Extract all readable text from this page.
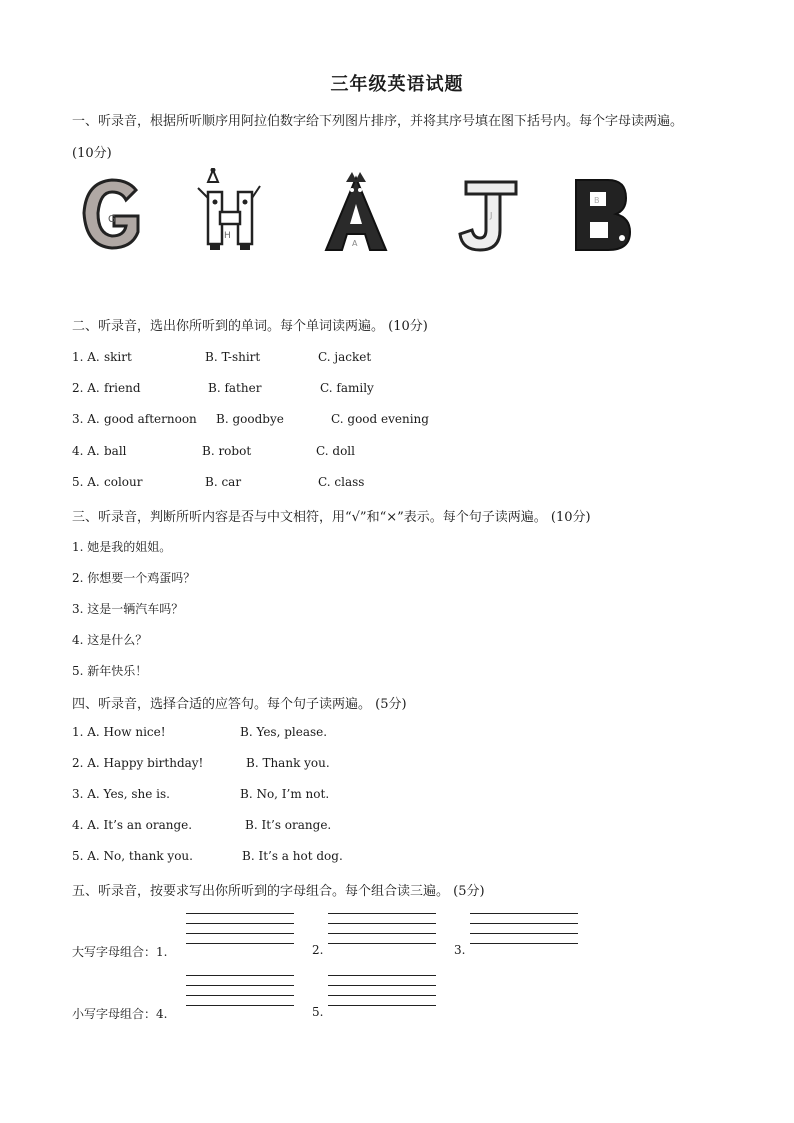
三年级英语试题
一、听录音，根据所听顺序用阿拉伯数字给下列图片排序，并将其序号填在图下括号内。每个字母读两遍。
(10分)
G
H
A
J
B
二、听录音，选出你所听到的单词。每个单词读两遍。 (10分)
1. A. skirt	B. T-shirt	C. jacket
2. A. friend	B. father	C. family
3. A. good afternoon B. goodbye	C. good evening
4. A. ball	B. robot	C. doll
5. A. colour	B. car	C. class
三、听录音，判断所听内容是否与中文相符，用“√”和“×”表示。每个句子读两遍。 (10分)
1. 她是我的姐姐。
2. 你想要一个鸡蛋吗？
3. 这是一辆汽车吗？
4. 这是什么？
5. 新年快乐！
四、听录音，选择合适的应答句。每个句子读两遍。 (5分)
1. A. How nice!	B. Yes, please.
2. A. Happy birthday!	B. Thank you.
3. A. Yes, she is.	B. No, I’m not.
4. A. It’s an orange.	B. It’s orange.
5. A. No, thank you.	B. It’s a hot dog.
五、听录音，按要求写出你所听到的字母组合。每个组合读三遍。 (5分)
大写字母组合：1.	2.	3.
小写字母组合：4.	5.
